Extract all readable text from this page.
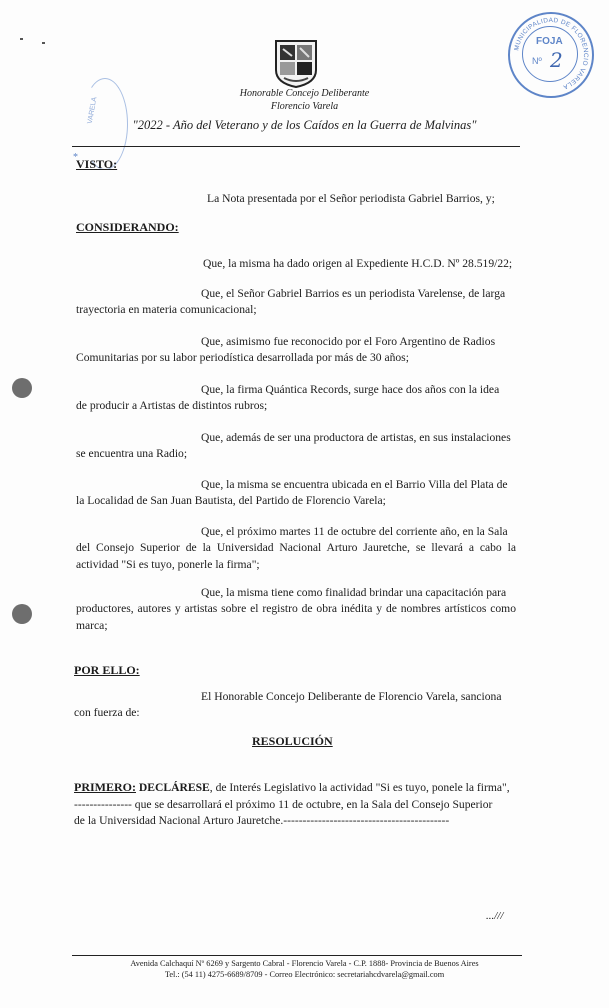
VARELA
Honorable Concejo Deliberante
Florencio Varela
"2022 - Año del Veterano y de los Caídos en la Guerra de Malvinas"
MUNICIPALIDAD DE FLORENCIO VARELA
FOJA
Nº 2
VISTO:
*
La Nota presentada por el Señor periodista Gabriel Barrios, y;
CONSIDERANDO:
Que, la misma ha dado origen al Expediente H.C.D. Nº 28.519/22;
Que, el Señor Gabriel Barrios es un periodista Varelense, de larga
trayectoria en materia comunicacional;
Que, asimismo fue reconocido por el Foro Argentino de Radios
Comunitarias por su labor periodística desarrollada por más de 30 años;
Que, la firma Quántica Records, surge hace dos años con la idea
de producir a Artistas de distintos rubros;
Que, además de ser una productora de artistas, en sus instalaciones
se encuentra una Radio;
Que, la misma se encuentra ubicada en el Barrio Villa del Plata de
la Localidad de San Juan Bautista, del Partido de Florencio Varela;
Que, el próximo martes 11 de octubre del corriente año, en la Sala
del Consejo Superior de la Universidad Nacional Arturo Jauretche, se llevará a cabo la actividad "Si es tuyo, ponerle la firma";
Que, la misma tiene como finalidad brindar una capacitación para
productores, autores y artistas sobre el registro de obra inédita y de nombres artísticos como marca;
POR ELLO:
El Honorable Concejo Deliberante de Florencio Varela, sanciona
con fuerza de:
RESOLUCIÓN
PRIMERO: DECLÁRESE, de Interés Legislativo la actividad "Si es tuyo, ponele la firma",
--------------- que se desarrollará el próximo 11 de octubre, en la Sala del Consejo Superior
de la Universidad Nacional Arturo Jauretche.-------------------------------------------
...///
Avenida Calchaquí Nº 6269 y Sargento Cabral - Florencio Varela - C.P. 1888- Provincia de Buenos Aires
Tel.: (54 11) 4275-6689/8709 - Correo Electrónico: secretariahcdvarela@gmail.com
